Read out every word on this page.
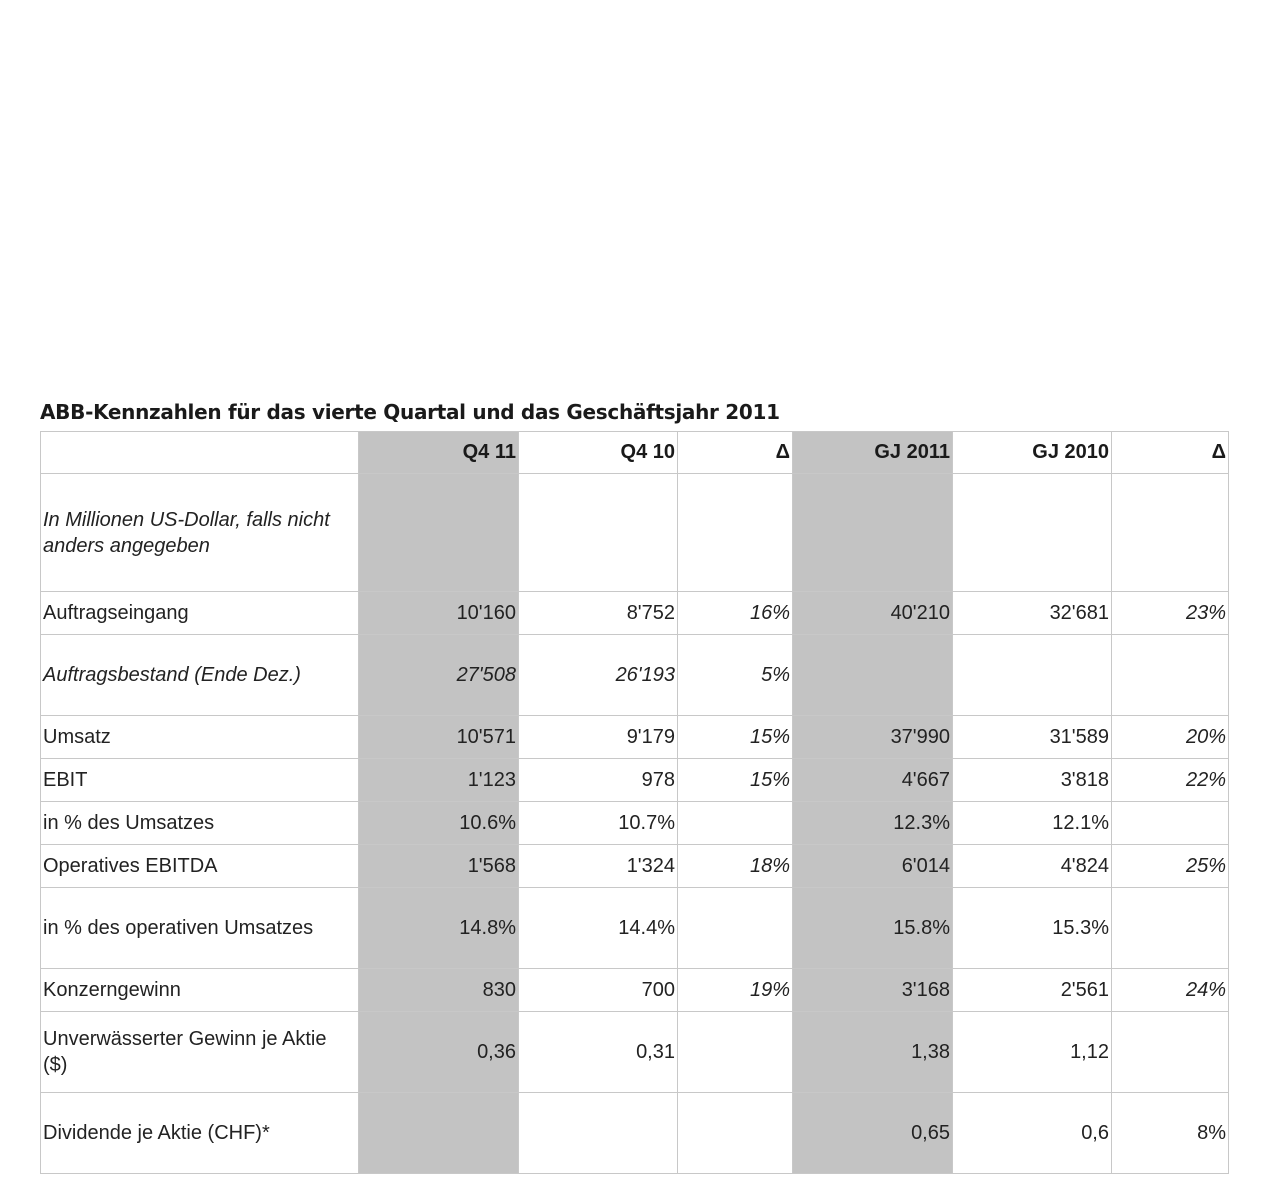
ABB-Kennzahlen für das vierte Quartal und das Geschäftsjahr 2011
	Q4 11	Q4 10	Δ	GJ 2011	GJ 2010	Δ
In Millionen US-Dollar, falls nicht anders angegeben						
Auftragseingang	10'160	8'752	16%	40'210	32'681	23%
Auftragsbestand (Ende Dez.)	27'508	26'193	5%			
Umsatz	10'571	9'179	15%	37'990	31'589	20%
EBIT	1'123	978	15%	4'667	3'818	22%
in % des Umsatzes	10.6%	10.7%		12.3%	12.1%	
Operatives EBITDA	1'568	1'324	18%	6'014	4'824	25%
in % des operativen Umsatzes	14.8%	14.4%		15.8%	15.3%	
Konzerngewinn	830	700	19%	3'168	2'561	24%
Unverwässerter Gewinn je Aktie ($)	0,36	0,31		1,38	1,12	
Dividende je Aktie (CHF)*				0,65	0,6	8%
